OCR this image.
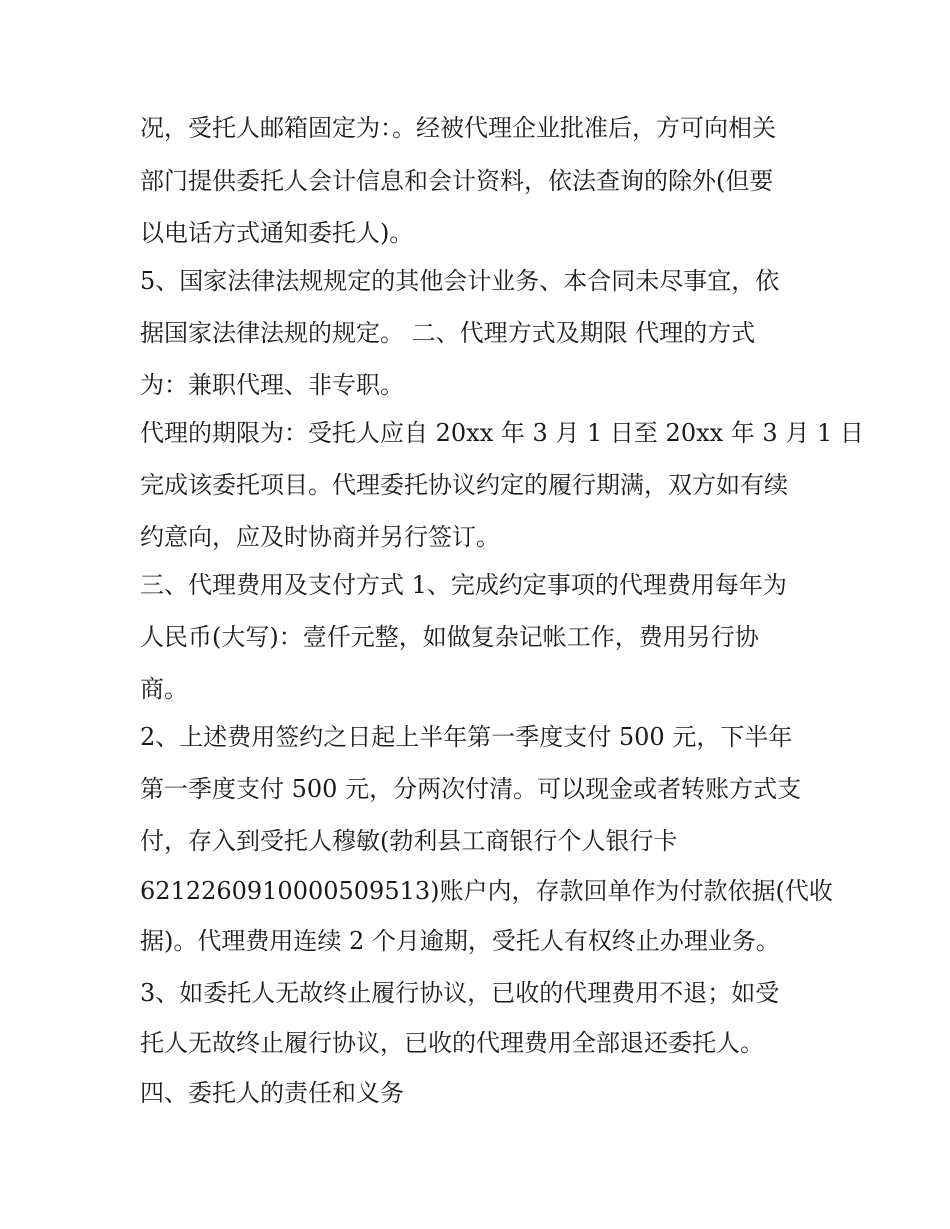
况，受托人邮箱固定为：。经被代理企业批准后，方可向相关
部门提供委托人会计信息和会计资料，依法查询的除外(但要
以电话方式通知委托人)。
5、国家法律法规规定的其他会计业务、本合同未尽事宜，依
据国家法律法规的规定。 二、代理方式及期限 代理的方式
为：兼职代理、非专职。
代理的期限为：受托人应自 20xx 年 3 月 1 日至 20xx 年 3 月 1 日
完成该委托项目。代理委托协议约定的履行期满，双方如有续
约意向，应及时协商并另行签订。
三、代理费用及支付方式 1、完成约定事项的代理费用每年为
人民币(大写)：壹仟元整，如做复杂记帐工作，费用另行协
商。
2、上述费用签约之日起上半年第一季度支付 500 元，下半年
第一季度支付 500 元，分两次付清。可以现金或者转账方式支
付，存入到受托人穆敏(勃利县工商银行个人银行卡
6212260910000509513)账户内，存款回单作为付款依据(代收
据)。代理费用连续 2 个月逾期，受托人有权终止办理业务。
3、如委托人无故终止履行协议，已收的代理费用不退；如受
托人无故终止履行协议，已收的代理费用全部退还委托人。
四、委托人的责任和义务
